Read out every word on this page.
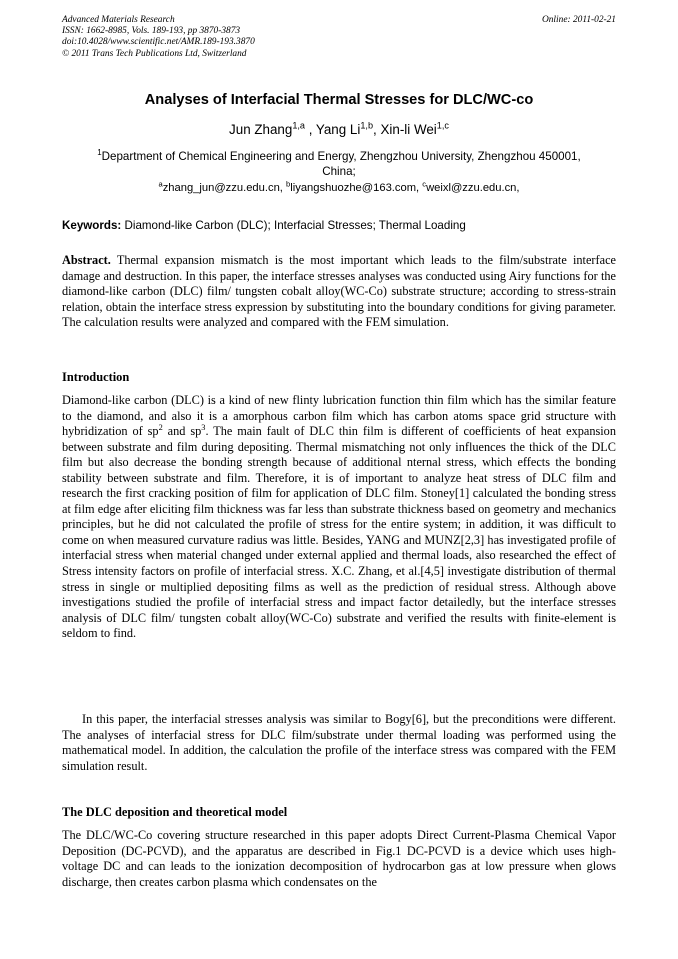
Advanced Materials Research
ISSN: 1662-8985, Vols. 189-193, pp 3870-3873
doi:10.4028/www.scientific.net/AMR.189-193.3870
© 2011 Trans Tech Publications Ltd, Switzerland
Online: 2011-02-21
Analyses of Interfacial Thermal Stresses for DLC/WC-co
Jun Zhang$^{1,a}$ , Yang Li$^{1,b}$, Xin-li Wei$^{1,c}$
$^1$Department of Chemical Engineering and Energy, Zhengzhou University, Zhengzhou 450001,
China;
$^a$zhang_jun@zzu.edu.cn, $^b$liyangshuozhe@163.com, $^c$weixl@zzu.edu.cn,
Keywords: Diamond-like Carbon (DLC); Interfacial Stresses; Thermal Loading
Abstract. Thermal expansion mismatch is the most important which leads to the film/substrate interface damage and destruction. In this paper, the interface stresses analyses was conducted using Airy functions for the diamond-like carbon (DLC) film/ tungsten cobalt alloy(WC-Co) substrate structure; according to stress-strain relation, obtain the interface stress expression by substituting into the boundary conditions for giving parameter. The calculation results were analyzed and compared with the FEM simulation.
Introduction
Diamond-like carbon (DLC) is a kind of new flinty lubrication function thin film which has the similar feature to the diamond, and also it is a amorphous carbon film which has carbon atoms space grid structure with hybridization of $sp^2$ and $sp^3$. The main fault of DLC thin film is different of coefficients of heat expansion between substrate and film during depositing. Thermal mismatching not only influences the thick of the DLC film but also decrease the bonding strength because of additional nternal stress, which effects the bonding stability between substrate and film. Therefore, it is of important to analyze heat stress of DLC film and research the first cracking position of film for application of DLC film. Stoney[1] calculated the bonding stress at film edge after eliciting film thickness was far less than substrate thickness based on geometry and mechanics principles, but he did not calculated the profile of stress for the entire system; in addition, it was difficult to come on when measured curvature radius was little. Besides, YANG and MUNZ[2,3] has investigated profile of interfacial stress when material changed under external applied and thermal loads, also researched the effect of Stress intensity factors on profile of interfacial stress. X.C. Zhang, et al.[4,5] investigate distribution of thermal stress in single or multiplied depositing films as well as the prediction of residual stress. Although above investigations studied the profile of interfacial stress and impact factor detailedly, but the interface stresses analysis of DLC film/ tungsten cobalt alloy(WC-Co) substrate and verified the results with finite-element is seldom to find.
In this paper, the interfacial stresses analysis was similar to Bogy[6], but the preconditions were different. The analyses of interfacial stress for DLC film/substrate under thermal loading was performed using the mathematical model. In addition, the calculation the profile of the interface stress was compared with the FEM simulation result.
The DLC deposition and theoretical model
The DLC/WC-Co covering structure researched in this paper adopts Direct Current-Plasma Chemical Vapor Deposition (DC-PCVD), and the apparatus are described in Fig.1 DC-PCVD is a device which uses high-voltage DC and can leads to the ionization decomposition of hydrocarbon gas at low pressure when glows discharge, then creates carbon plasma which condensates on the
